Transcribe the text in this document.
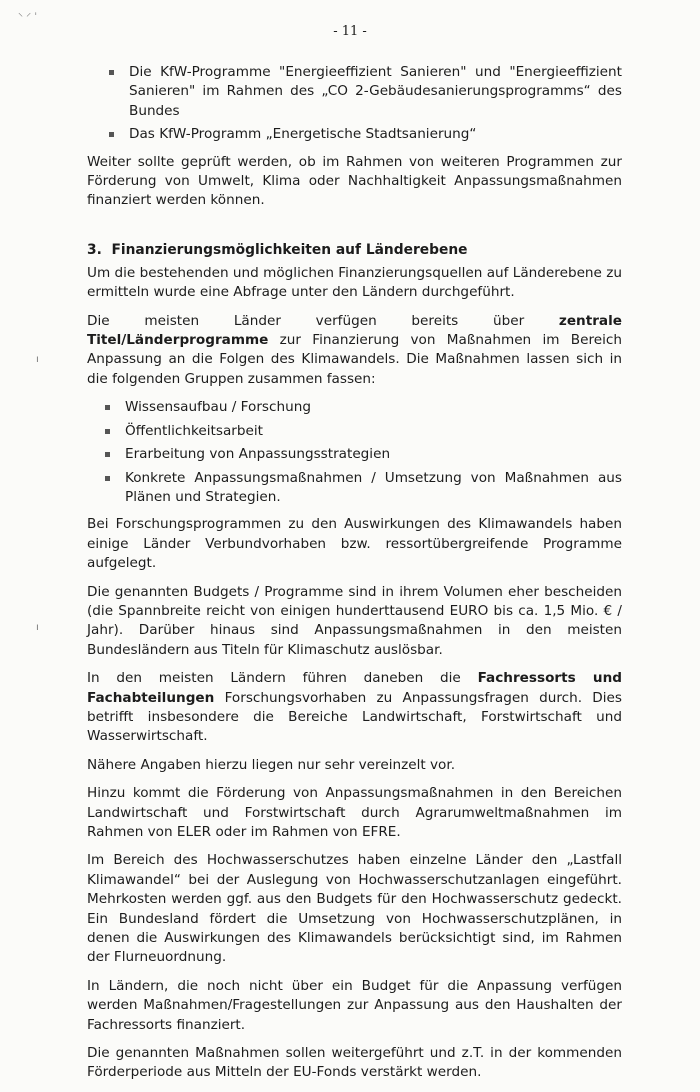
⸌ ⸍ ˈ
ı
ı
- 11 -
Die KfW-Programme "Energieeffizient Sanieren" und "Energieeffizient Sanieren" im Rahmen des „CO 2-Gebäudesanierungsprogramms“ des Bundes
Das KfW-Programm „Energetische Stadtsanierung“

Weiter sollte geprüft werden, ob im Rahmen von weiteren Programmen zur Förderung von Umwelt, Klima oder Nachhaltigkeit Anpassungsmaßnahmen finanziert werden können.

3. Finanzierungsmöglichkeiten auf Länderebene

Um die bestehenden und möglichen Finanzierungsquellen auf Länderebene zu ermitteln wurde eine Abfrage unter den Ländern durchgeführt.

Die meisten Länder verfügen bereits über zentrale Titel/Länderprogramme zur Finanzierung von Maßnahmen im Bereich Anpassung an die Folgen des Klimawandels. Die Maßnahmen lassen sich in die folgenden Gruppen zusammen fassen:

Wissensaufbau / Forschung
Öffentlichkeitsarbeit
Erarbeitung von Anpassungsstrategien
Konkrete Anpassungsmaßnahmen / Umsetzung von Maßnahmen aus Plänen und Strategien.

Bei Forschungsprogrammen zu den Auswirkungen des Klimawandels haben einige Länder Verbundvorhaben bzw. ressortübergreifende Programme aufgelegt.

Die genannten Budgets / Programme sind in ihrem Volumen eher bescheiden (die Spannbreite reicht von einigen hunderttausend EURO bis ca. 1,5 Mio. € / Jahr). Darüber hinaus sind Anpassungsmaßnahmen in den meisten Bundesländern aus Titeln für Klimaschutz auslösbar.

In den meisten Ländern führen daneben die Fachressorts und Fachabteilungen Forschungsvorhaben zu Anpassungsfragen durch. Dies betrifft insbesondere die Bereiche Landwirtschaft, Forstwirtschaft und Wasserwirtschaft.

Nähere Angaben hierzu liegen nur sehr vereinzelt vor.

Hinzu kommt die Förderung von Anpassungsmaßnahmen in den Bereichen Landwirtschaft und Forstwirtschaft durch Agrarumweltmaßnahmen im Rahmen von ELER oder im Rahmen von EFRE.

Im Bereich des Hochwasserschutzes haben einzelne Länder den „Lastfall Klimawandel“ bei der Auslegung von Hochwasserschutzanlagen eingeführt. Mehrkosten werden ggf. aus den Budgets für den Hochwasserschutz gedeckt. Ein Bundesland fördert die Umsetzung von Hochwasserschutzplänen, in denen die Auswirkungen des Klimawandels berücksichtigt sind, im Rahmen der Flurneuordnung.

In Ländern, die noch nicht über ein Budget für die Anpassung verfügen werden Maßnahmen/Fragestellungen zur Anpassung aus den Haushalten der Fachressorts finanziert.

Die genannten Maßnahmen sollen weitergeführt und z.T. in der kommenden Förderperiode aus Mitteln der EU-Fonds verstärkt werden.
